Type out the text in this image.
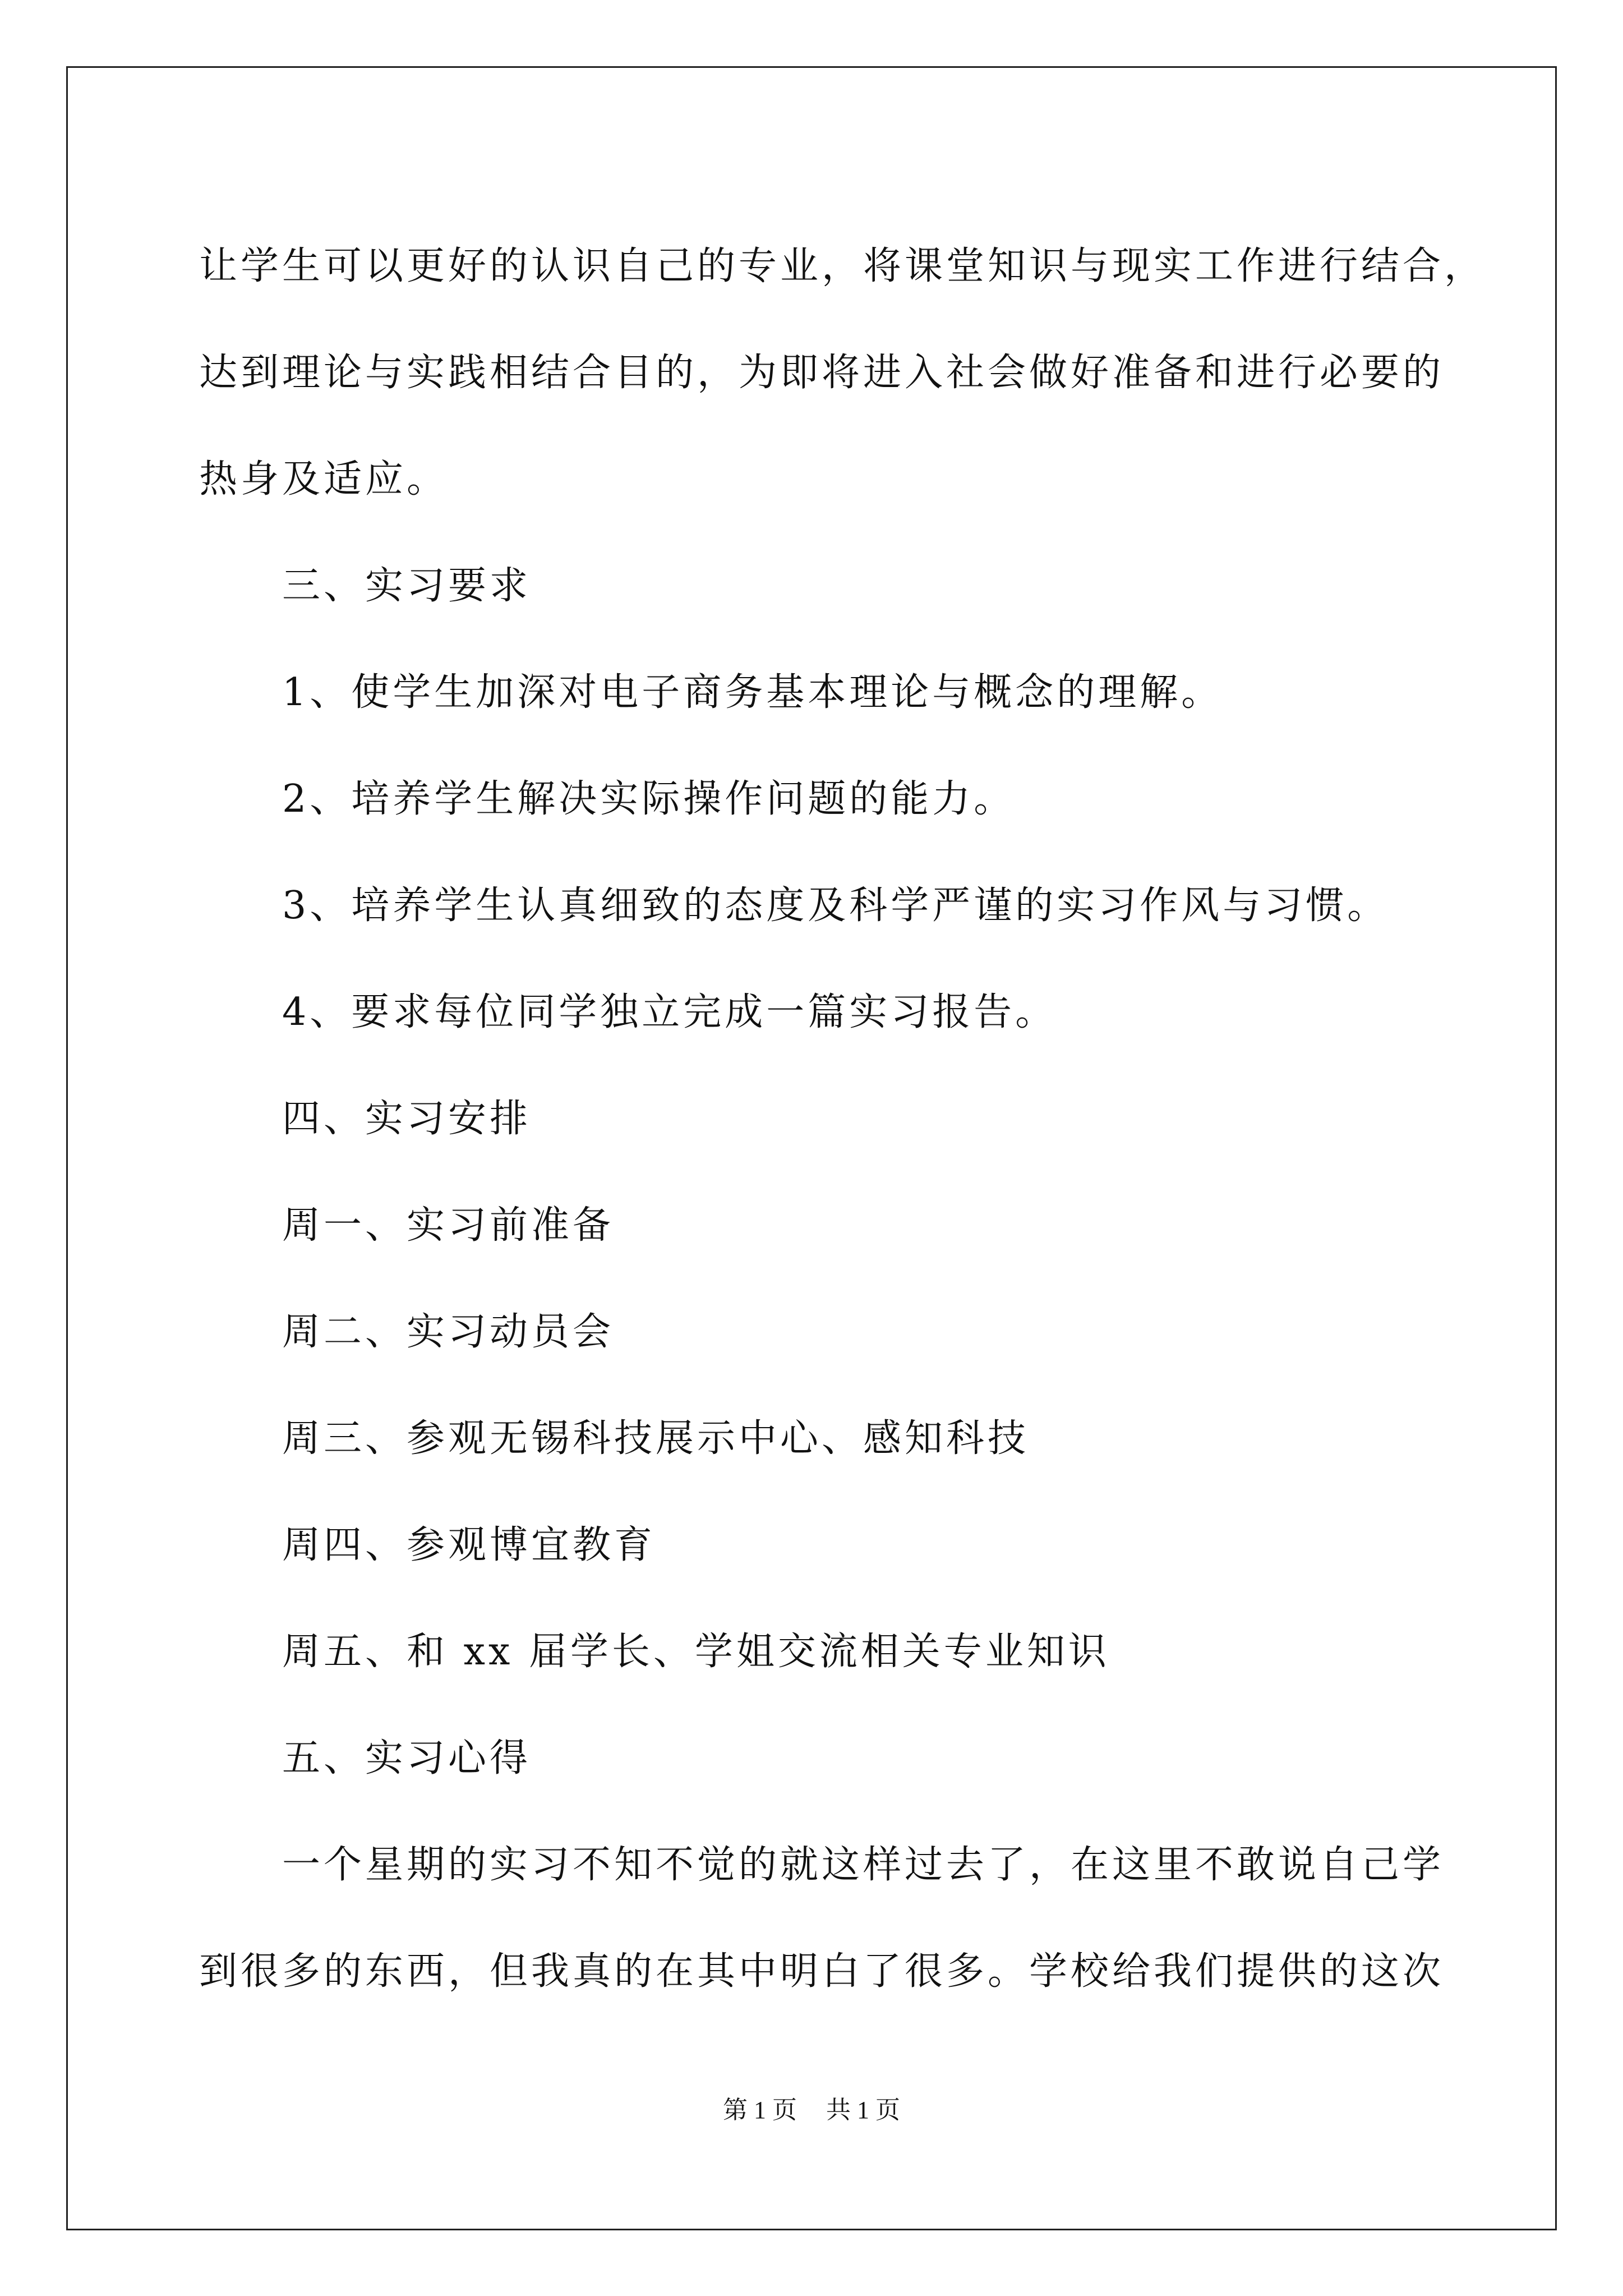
让学生可以更好的认识自己的专业，将课堂知识与现实工作进行结合，

达到理论与实践相结合目的，为即将进入社会做好准备和进行必要的

热身及适应。

三、实习要求

1、使学生加深对电子商务基本理论与概念的理解。

2、培养学生解决实际操作问题的能力。

3、培养学生认真细致的态度及科学严谨的实习作风与习惯。

4、要求每位同学独立完成一篇实习报告。

四、实习安排

周一、实习前准备

周二、实习动员会

周三、参观无锡科技展示中心、感知科技

周四、参观博宜教育

周五、和 xx 届学长、学姐交流相关专业知识

五、实习心得

一个星期的实习不知不觉的就这样过去了，在这里不敢说自己学

到很多的东西，但我真的在其中明白了很多。学校给我们提供的这次

第 1 页 共 1 页
